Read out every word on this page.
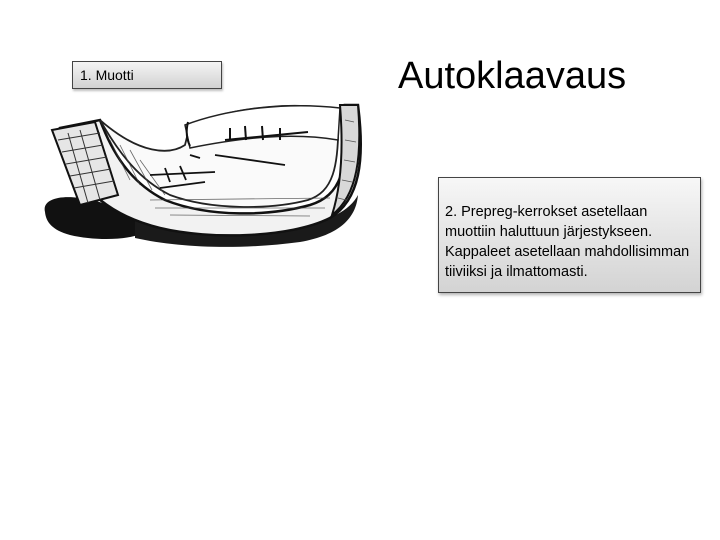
1. Muotti	Autoklaavaus

2. Prepreg-kerrokset asetellaan muottiin haluttuun järjestykseen. Kappaleet asetellaan mahdollisimman tiiviiksi ja ilmattomasti.
